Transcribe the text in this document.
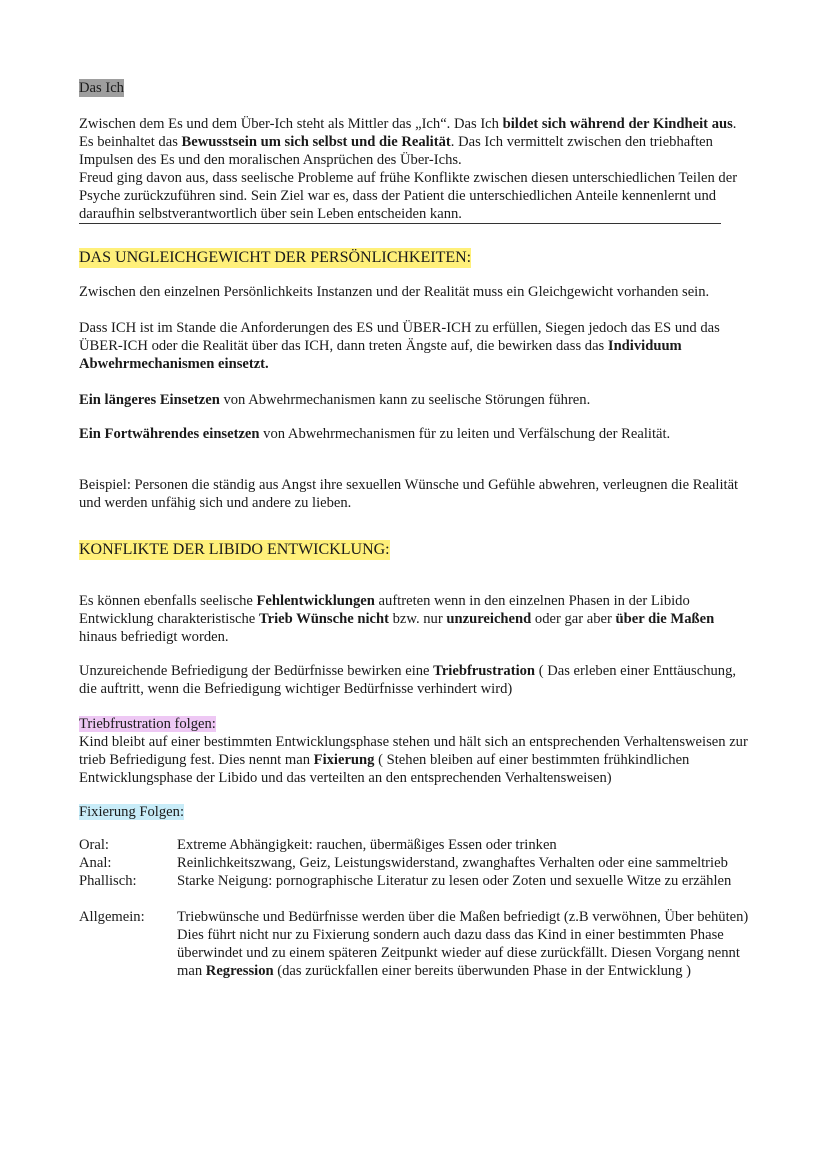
Das Ich

Zwischen dem Es und dem Über-Ich steht als Mittler das „Ich“. Das Ich bildet sich während der Kindheit aus. Es beinhaltet das Bewusstsein um sich selbst und die Realität. Das Ich vermittelt zwischen den triebhaften Impulsen des Es und den moralischen Ansprüchen des Über-Ichs.

Freud ging davon aus, dass seelische Probleme auf frühe Konflikte zwischen diesen unterschiedlichen Teilen der Psyche zurückzuführen sind. Sein Ziel war es, dass der Patient die unterschiedlichen Anteile kennenlernt und daraufhin selbstverantwortlich über sein Leben entscheiden kann.

DAS UNGLEICHGEWICHT DER PERSÖNLICHKEITEN:

Zwischen den einzelnen Persönlichkeits Instanzen und der Realität muss ein Gleichgewicht vorhanden sein.

Dass ICH ist im Stande die Anforderungen des ES und ÜBER-ICH zu erfüllen, Siegen jedoch das ES und das ÜBER-ICH oder die Realität über das ICH, dann treten Ängste auf, die bewirken dass das Individuum Abwehrmechanismen einsetzt.

Ein längeres Einsetzen von Abwehrmechanismen kann zu seelische Störungen führen.

Ein Fortwährendes einsetzen von Abwehrmechanismen für zu leiten und Verfälschung der Realität.

Beispiel: Personen die ständig aus Angst ihre sexuellen Wünsche und Gefühle abwehren, verleugnen die Realität und werden unfähig sich und andere zu lieben.

KONFLIKTE DER LIBIDO ENTWICKLUNG:

Es können ebenfalls seelische Fehlentwicklungen auftreten wenn in den einzelnen Phasen in der Libido Entwicklung charakteristische Trieb Wünsche nicht bzw. nur unzureichend oder gar aber über die Maßen hinaus befriedigt worden.

Unzureichende Befriedigung der Bedürfnisse bewirken eine Triebfrustration ( Das erleben einer Enttäuschung, die auftritt, wenn die Befriedigung wichtiger Bedürfnisse verhindert wird)

Triebfrustration folgen:

Kind bleibt auf einer bestimmten Entwicklungsphase stehen und hält sich an entsprechenden Verhaltensweisen zur trieb Befriedigung fest. Dies nennt man Fixierung ( Stehen bleiben auf einer bestimmten frühkindlichen Entwicklungsphase der Libido und das verteilten an den entsprechenden Verhaltensweisen)

Fixierung Folgen:
Oral:	Extreme Abhängigkeit: rauchen, übermäßiges Essen oder trinken
Anal:	Reinlichkeitszwang, Geiz, Leistungswiderstand, zwanghaftes Verhalten oder eine sammeltrieb
Phallisch:	Starke Neigung: pornographische Literatur zu lesen oder Zoten und sexuelle Witze zu erzählen
Allgemein:	Triebwünsche und Bedürfnisse werden über die Maßen befriedigt (z.B verwöhnen, Über behüten) Dies führt nicht nur zu Fixierung sondern auch dazu dass das Kind in einer bestimmten Phase überwindet und zu einem späteren Zeitpunkt wieder auf diese zurückfällt. Diesen Vorgang nennt man Regression (das zurückfallen einer bereits überwunden Phase in der Entwicklung )
